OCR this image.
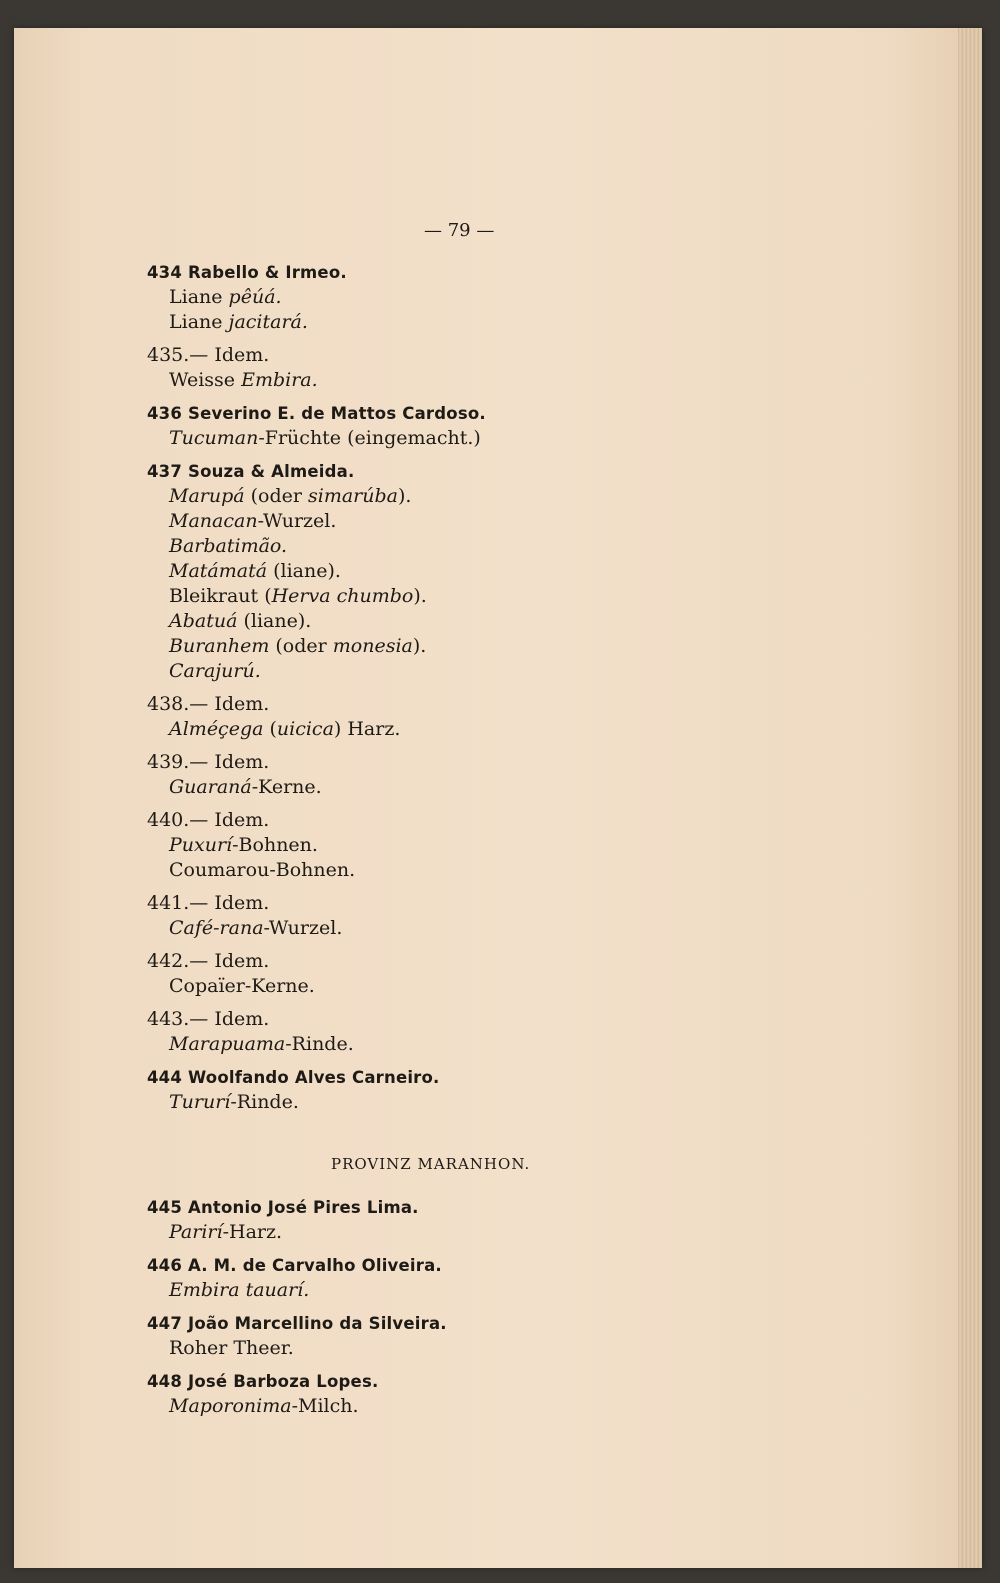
— 79 —
434 Rabello & Irmeo.
Liane pêúá.
Liane jacitará.
435.— Idem.
Weisse Embira.
436 Severino E. de Mattos Cardoso.
Tucuman-Früchte (eingemacht.)
437 Souza & Almeida.
Marupá (oder simarúba).
Manacan-Wurzel.
Barbatimão.
Matámatá (liane).
Bleikraut (Herva chumbo).
Abatuá (liane).
Buranhem (oder monesia).
Carajurú.
438.— Idem.
Alméçega (uicica) Harz.
439.— Idem.
Guaraná-Kerne.
440.— Idem.
Puxurí-Bohnen.
Coumarou-Bohnen.
441.— Idem.
Café-rana-Wurzel.
442.— Idem.
Copaïer-Kerne.
443.— Idem.
Marapuama-Rinde.
444 Woolfando Alves Carneiro.
Tururí-Rinde.
PROVINZ MARANHON.
445 Antonio José Pires Lima.
Parirí-Harz.
446 A. M. de Carvalho Oliveira.
Embira tauarí.
447 João Marcellino da Silveira.
Roher Theer.
448 José Barboza Lopes.
Maporonima-Milch.
